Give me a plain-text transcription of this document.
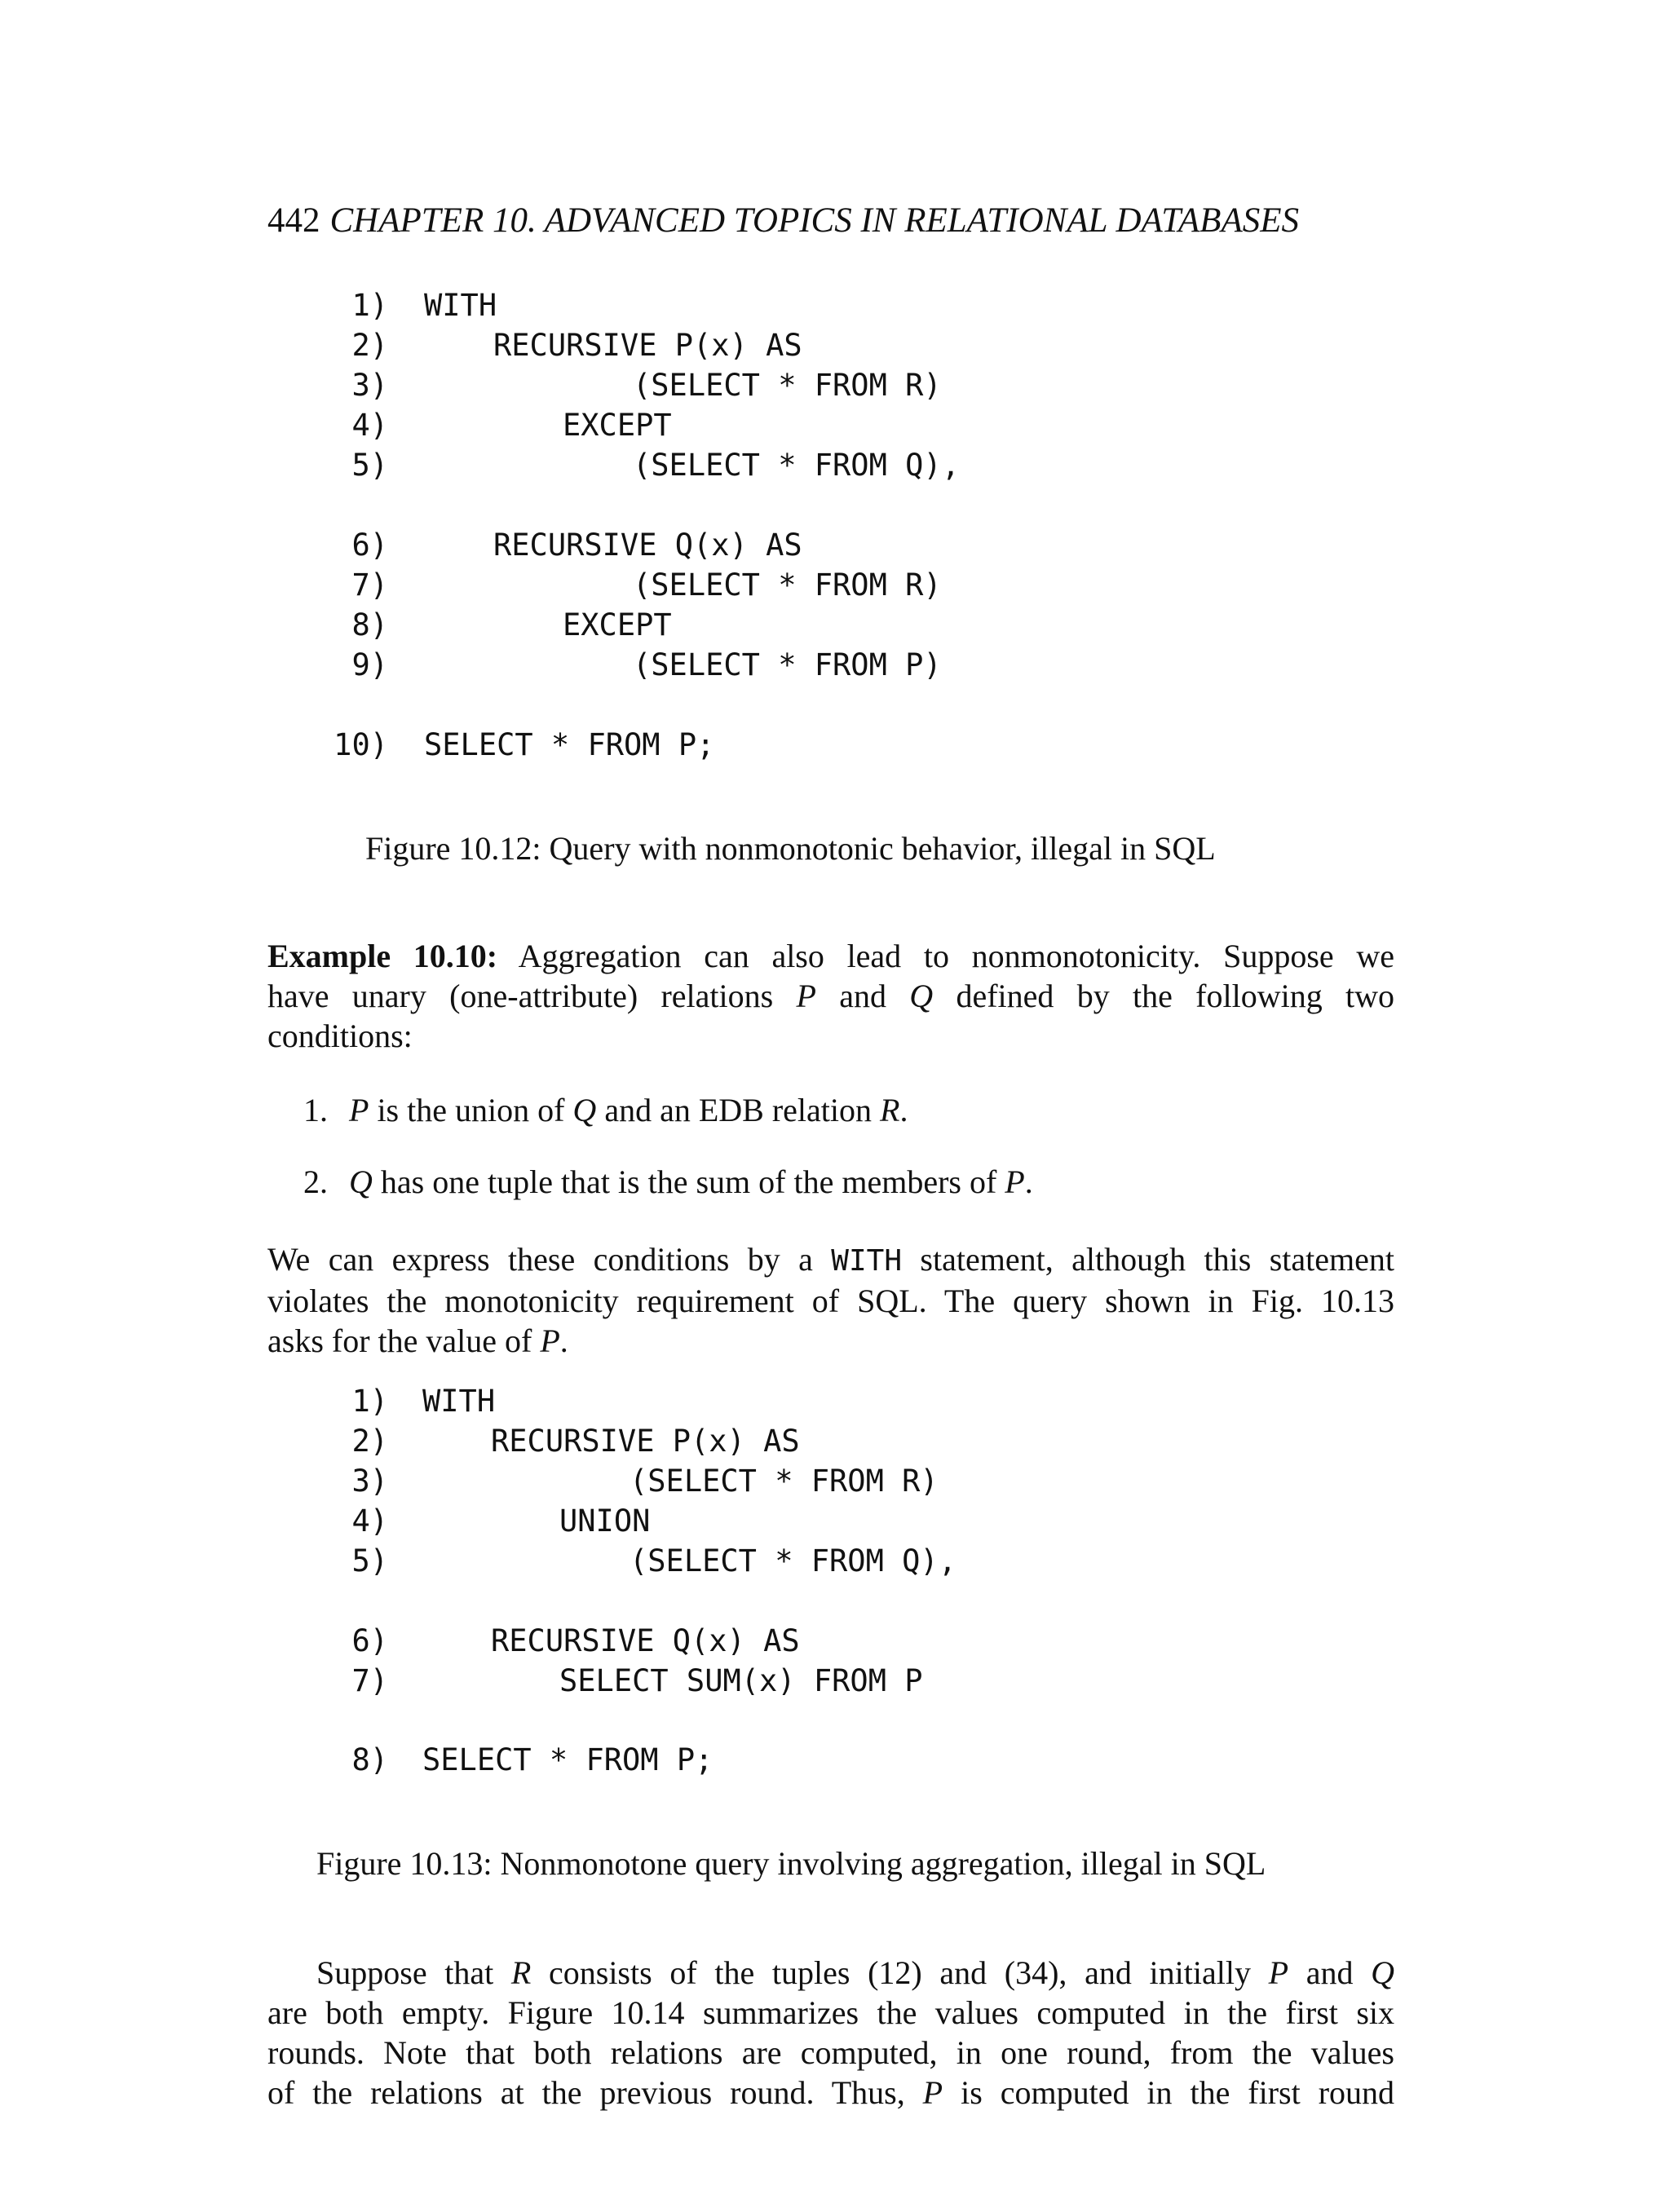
442 CHAPTER 10. ADVANCED TOPICS IN RELATIONAL DATABASES
1) WITH
2)	RECURSIVE P(x) AS
3)	(SELECT * FROM R)
4)	EXCEPT
5)	(SELECT * FROM Q),
6)	RECURSIVE Q(x) AS
7)	(SELECT * FROM R)
8)	EXCEPT
9)	(SELECT * FROM P)
10) SELECT * FROM P;
Figure 10.12: Query with nonmonotonic behavior, illegal in SQL
Example 10.10: Aggregation can also lead to nonmonotonicity. Suppose we
have unary (one-attribute) relations P and Q defined by the following two
conditions:
1. P is the union of Q and an EDB relation R.
2. Q has one tuple that is the sum of the members of P.
We can express these conditions by a WITH statement, although this statement
violates the monotonicity requirement of SQL. The query shown in Fig. 10.13
asks for the value of P.
1) WITH
2)	RECURSIVE P(x) AS
3)	(SELECT * FROM R)
4)	UNION
5)	(SELECT * FROM Q),
6)	RECURSIVE Q(x) AS
7)	SELECT SUM(x) FROM P
8) SELECT * FROM P;
Figure 10.13: Nonmonotone query involving aggregation, illegal in SQL
Suppose that R consists of the tuples (12) and (34), and initially P and Q
are both empty. Figure 10.14 summarizes the values computed in the first six
rounds. Note that both relations are computed, in one round, from the values
of the relations at the previous round. Thus, P is computed in the first round
